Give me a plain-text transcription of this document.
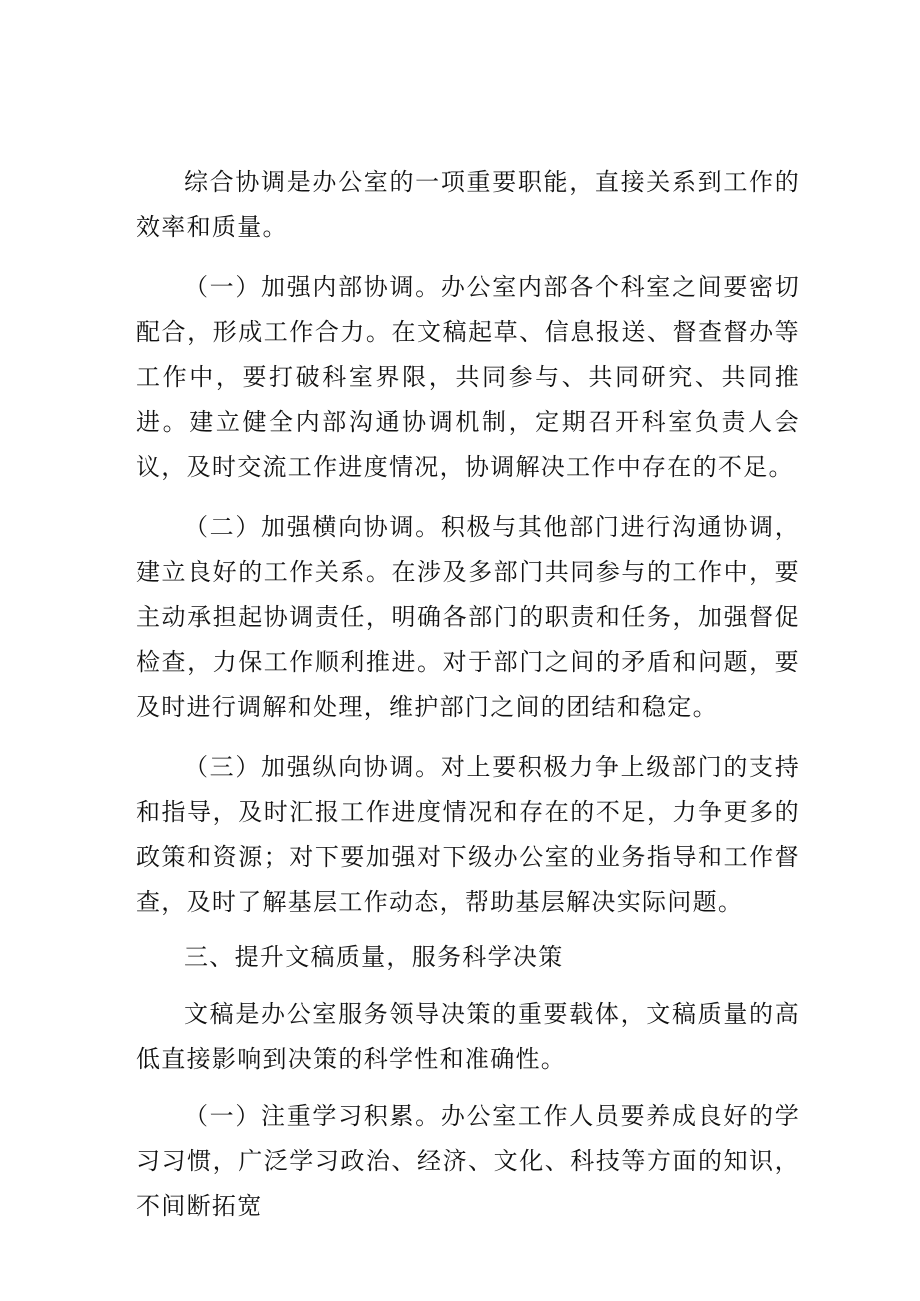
综合协调是办公室的一项重要职能，直接关系到工作的效率和质量。

（一）加强内部协调。办公室内部各个科室之间要密切配合，形成工作合力。在文稿起草、信息报送、督查督办等工作中，要打破科室界限，共同参与、共同研究、共同推进。建立健全内部沟通协调机制，定期召开科室负责人会议，及时交流工作进度情况，协调解决工作中存在的不足。

（二）加强横向协调。积极与其他部门进行沟通协调，建立良好的工作关系。在涉及多部门共同参与的工作中，要主动承担起协调责任，明确各部门的职责和任务，加强督促检查，力保工作顺利推进。对于部门之间的矛盾和问题，要及时进行调解和处理，维护部门之间的团结和稳定。

（三）加强纵向协调。对上要积极力争上级部门的支持和指导，及时汇报工作进度情况和存在的不足，力争更多的政策和资源；对下要加强对下级办公室的业务指导和工作督查，及时了解基层工作动态，帮助基层解决实际问题。

三、提升文稿质量，服务科学决策

文稿是办公室服务领导决策的重要载体，文稿质量的高低直接影响到决策的科学性和准确性。

（一）注重学习积累。办公室工作人员要养成良好的学习习惯，广泛学习政治、经济、文化、科技等方面的知识，不间断拓宽
